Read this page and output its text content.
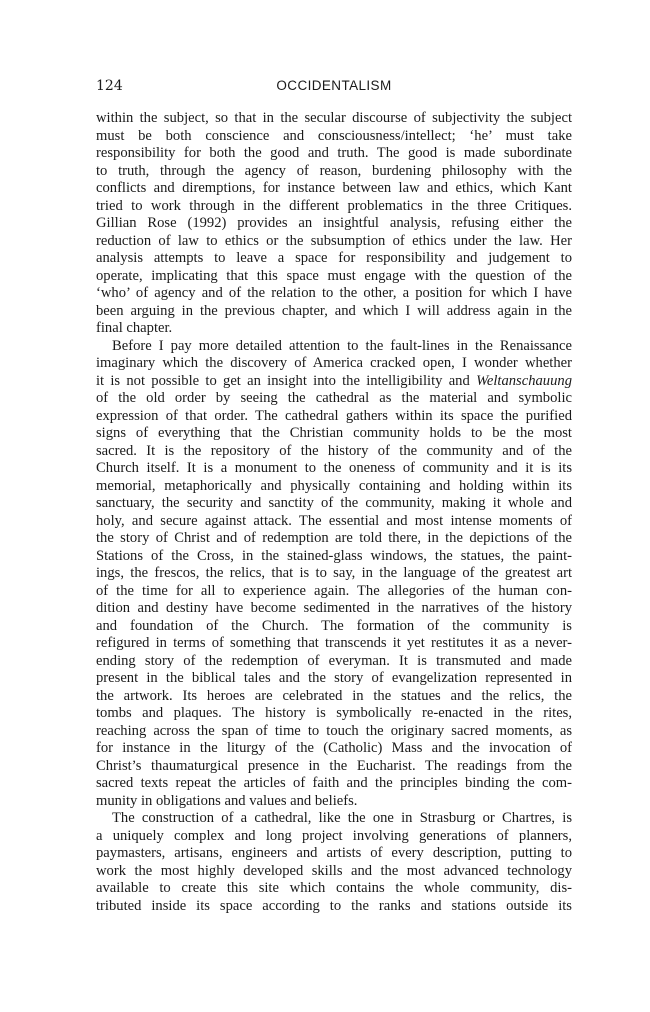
124	OCCIDENTALISM

within the subject, so that in the secular discourse of subjectivity the subject
must be both conscience and consciousness/intellect; ‘he’ must take
responsibility for both the good and truth. The good is made subordinate
to truth, through the agency of reason, burdening philosophy with the
conflicts and diremptions, for instance between law and ethics, which Kant
tried to work through in the different problematics in the three Critiques.
Gillian Rose (1992) provides an insightful analysis, refusing either the
reduction of law to ethics or the subsumption of ethics under the law. Her
analysis attempts to leave a space for responsibility and judgement to
operate, implicating that this space must engage with the question of the
‘who’ of agency and of the relation to the other, a position for which I have
been arguing in the previous chapter, and which I will address again in the
final chapter.

Before I pay more detailed attention to the fault-lines in the Renaissance
imaginary which the discovery of America cracked open, I wonder whether
it is not possible to get an insight into the intelligibility and Weltanschauung
of the old order by seeing the cathedral as the material and symbolic
expression of that order. The cathedral gathers within its space the purified
signs of everything that the Christian community holds to be the most
sacred. It is the repository of the history of the community and of the
Church itself. It is a monument to the oneness of community and it is its
memorial, metaphorically and physically containing and holding within its
sanctuary, the security and sanctity of the community, making it whole and
holy, and secure against attack. The essential and most intense moments of
the story of Christ and of redemption are told there, in the depictions of the
Stations of the Cross, in the stained-glass windows, the statues, the paint-
ings, the frescos, the relics, that is to say, in the language of the greatest art
of the time for all to experience again. The allegories of the human con-
dition and destiny have become sedimented in the narratives of the history
and foundation of the Church. The formation of the community is
refigured in terms of something that transcends it yet restitutes it as a never-
ending story of the redemption of everyman. It is transmuted and made
present in the biblical tales and the story of evangelization represented in
the artwork. Its heroes are celebrated in the statues and the relics, the
tombs and plaques. The history is symbolically re-enacted in the rites,
reaching across the span of time to touch the originary sacred moments, as
for instance in the liturgy of the (Catholic) Mass and the invocation of
Christ’s thaumaturgical presence in the Eucharist. The readings from the
sacred texts repeat the articles of faith and the principles binding the com-
munity in obligations and values and beliefs.

The construction of a cathedral, like the one in Strasburg or Chartres, is
a uniquely complex and long project involving generations of planners,
paymasters, artisans, engineers and artists of every description, putting to
work the most highly developed skills and the most advanced technology
available to create this site which contains the whole community, dis-
tributed inside its space according to the ranks and stations outside its
